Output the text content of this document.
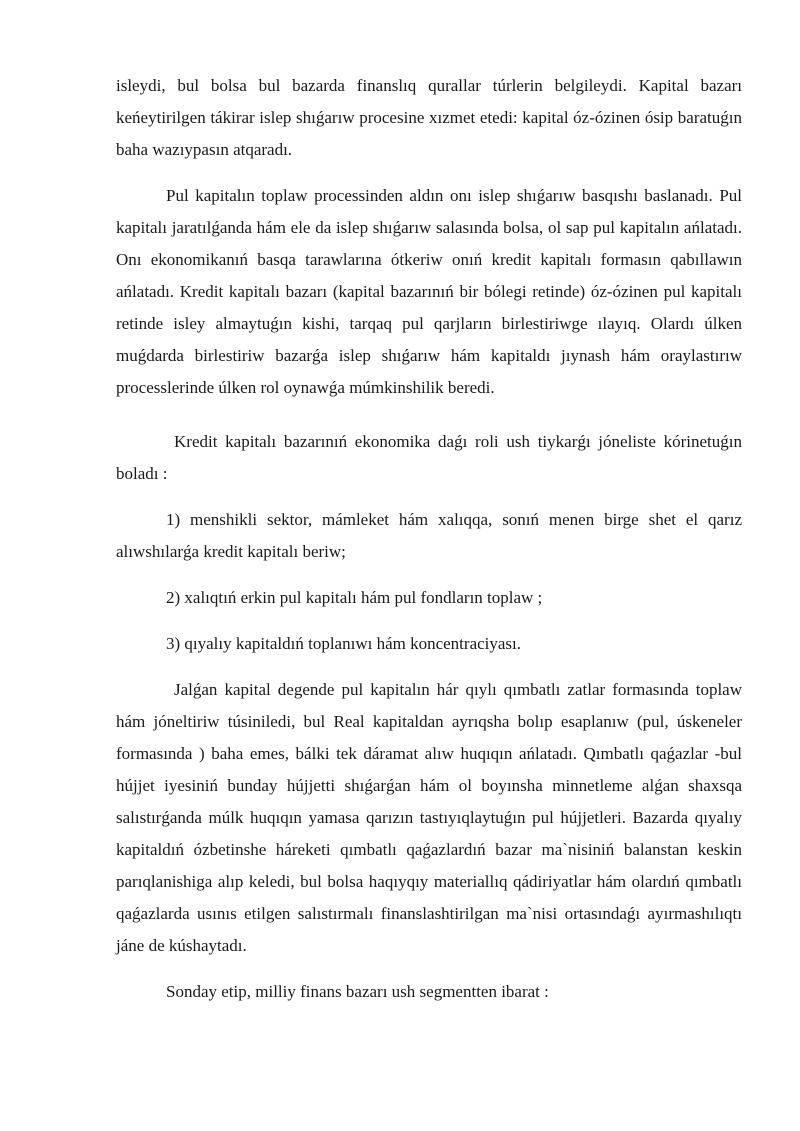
isleydi, bul bolsa bul bazarda finanslıq qurallar túrlerin belgileydi. Kapital bazarı keńeytirilgen tákirar islep shıǵarıw procesine xızmet etedi: kapital óz-ózinen ósip baratuǵın baha wazıypasın atqaradı.

Pul kapitalın toplaw processinden aldın onı islep shıǵarıw basqıshı baslanadı. Pul kapitalı jaratılǵanda hám ele da islep shıǵarıw salasında bolsa, ol sap pul kapitalın ańlatadı. Onı ekonomikanıń basqa tarawlarına ótkeriw onıń kredit kapitalı formasın qabıllawın ańlatadı. Kredit kapitalı bazarı (kapital bazarınıń bir bólegi retinde) óz-ózinen pul kapitalı retinde isley almaytuǵın kishi, tarqaq pul qarjların birlestiriwge ılayıq. Olardı úlken muǵdarda birlestiriw bazarǵa islep shıǵarıw hám kapitaldı jıynash hám oraylastırıw processlerinde úlken rol oynawǵa múmkinshilik beredi.

Kredit kapitalı bazarınıń ekonomika daǵı roli ush tiykarǵı jóneliste kórinetuǵın boladı :

1) menshikli sektor, mámleket hám xalıqqa, sonıń menen birge shet el qarız alıwshılarǵa kredit kapitalı beriw;

2) xalıqtıń erkin pul kapitalı hám pul fondların toplaw ;

3) qıyalıy kapitaldıń toplanıwı hám koncentraciyası.

Jalǵan kapital degende pul kapitalın hár qıylı qımbatlı zatlar formasında toplaw hám jóneltiriw túsiniledi, bul Real kapitaldan ayrıqsha bolıp esaplanıw (pul, úskeneler formasında ) baha emes, bálki tek dáramat alıw huqıqın ańlatadı. Qımbatlı qaǵazlar -bul hújjet iyesiniń bunday hújjetti shıǵarǵan hám ol boyınsha minnetleme alǵan shaxsqa salıstırǵanda múlk huqıqın yamasa qarızın tastıyıqlaytuǵın pul hújjetleri. Bazarda qıyalıy kapitaldıń ózbetinshe háreketi qımbatlı qaǵazlardıń bazar ma`nisiniń balanstan keskin parıqlanishiga alıp keledi, bul bolsa haqıyqıy materiallıq qádiriyatlar hám olardıń qımbatlı qaǵazlarda usınıs etilgen salıstırmalı finanslashtirilgan ma`nisi ortasındaǵı ayırmashılıqtı jáne de kúshaytadı.

Sonday etip, milliy finans bazarı ush segmentten ibarat :
